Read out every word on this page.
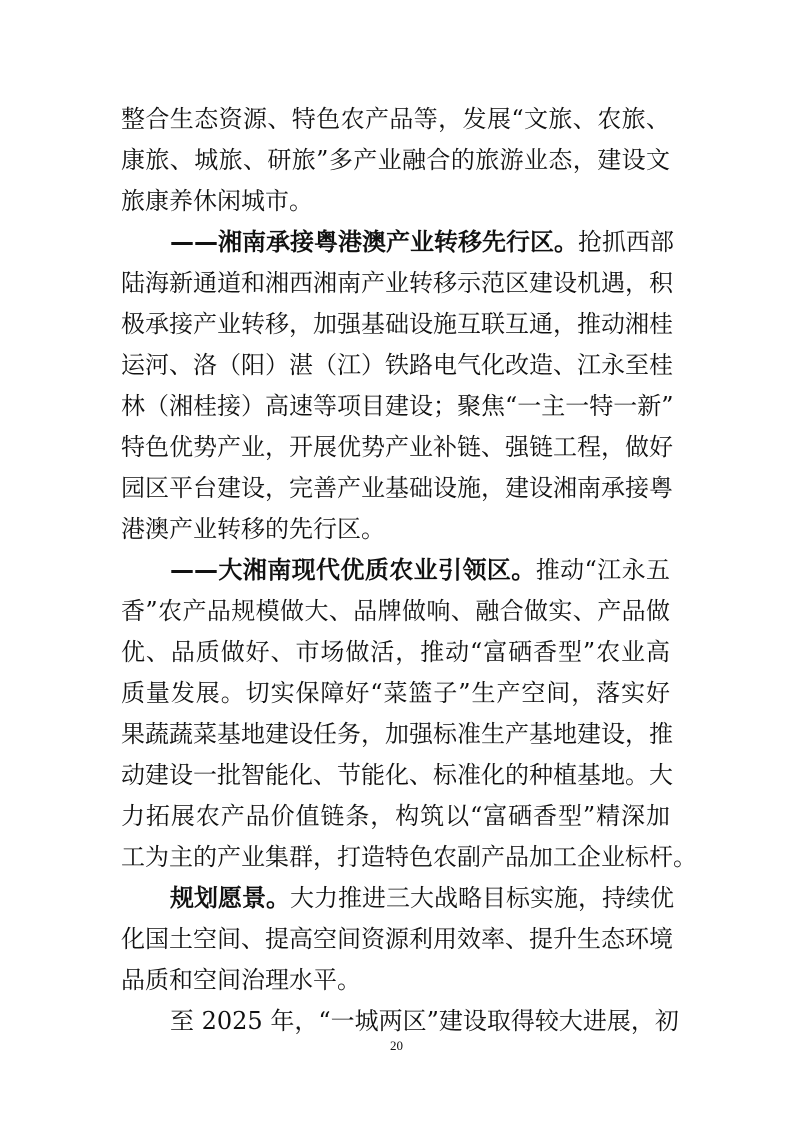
整合生态资源、特色农产品等，发展“文旅、农旅、
康旅、城旅、研旅”多产业融合的旅游业态，建设文
旅康养休闲城市。
——湘南承接粤港澳产业转移先行区。抢抓西部
陆海新通道和湘西湘南产业转移示范区建设机遇，积
极承接产业转移，加强基础设施互联互通，推动湘桂
运河、洛（阳）湛（江）铁路电气化改造、江永至桂
林（湘桂接）高速等项目建设；聚焦“一主一特一新”
特色优势产业，开展优势产业补链、强链工程，做好
园区平台建设，完善产业基础设施，建设湘南承接粤
港澳产业转移的先行区。
——大湘南现代优质农业引领区。推动“江永五
香”农产品规模做大、品牌做响、融合做实、产品做
优、品质做好、市场做活，推动“富硒香型”农业高
质量发展。切实保障好“菜篮子”生产空间，落实好
果蔬蔬菜基地建设任务，加强标准生产基地建设，推
动建设一批智能化、节能化、标准化的种植基地。大
力拓展农产品价值链条，构筑以“富硒香型”精深加
工为主的产业集群，打造特色农副产品加工企业标杆。
规划愿景。大力推进三大战略目标实施，持续优
化国土空间、提高空间资源利用效率、提升生态环境
品质和空间治理水平。
至 2025 年，“一城两区”建设取得较大进展，初
20
